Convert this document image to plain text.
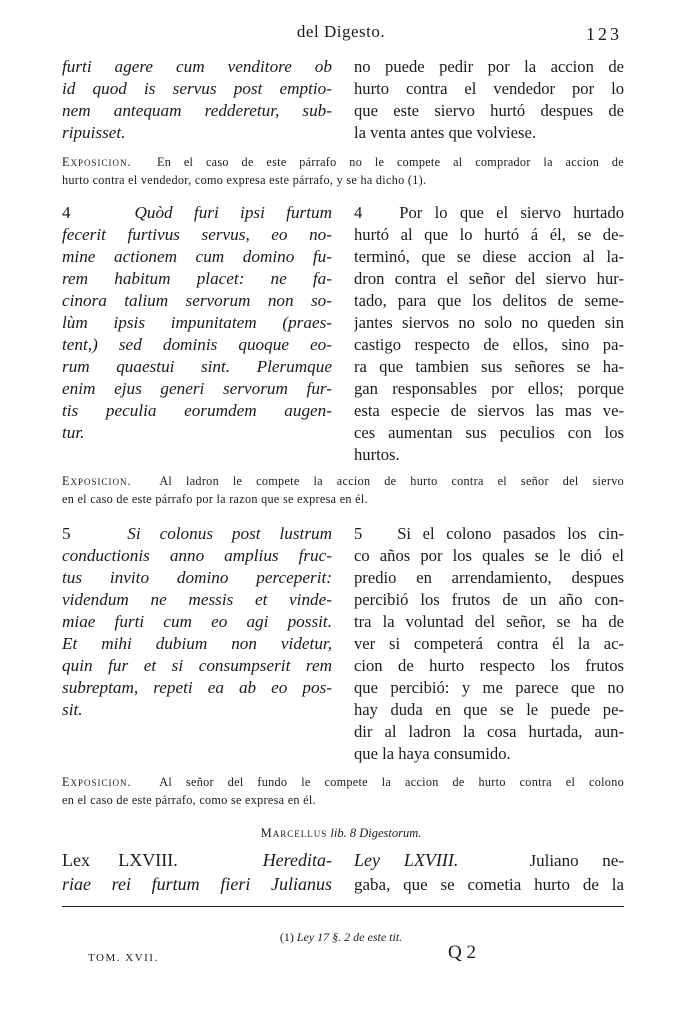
del Digesto.	123
furti agere cum venditore ob
id quod is servus post emptio-
nem antequam redderetur, sub-
ripuisset.
no puede pedir por la accion de
hurto contra el vendedor por lo
que este siervo hurtó despues de
la venta antes que volviese.
Exposicion. En el caso de este párrafo no le compete al comprador la accion de
hurto contra el vendedor, como expresa este párrafo, y se ha dicho (1).
4	Quòd furi ipsi furtum
fecerit furtivus servus, eo no-
mine actionem cum domino fu-
rem habitum placet: ne fa-
cinora talium servorum non so-
lùm ipsis impunitatem (praes-
tent,) sed dominis quoque eo-
rum quaestui sint. Plerumque
enim ejus generi servorum fur-
tis peculia eorumdem augen-
tur.
4 Por lo que el siervo hurtado
hurtó al que lo hurtó á él, se de-
terminó, que se diese accion al la-
dron contra el señor del siervo hur-
tado, para que los delitos de seme-
jantes siervos no solo no queden sin
castigo respecto de ellos, sino pa-
ra que tambien sus señores se ha-
gan responsables por ellos; porque
esta especie de siervos las mas ve-
ces aumentan sus peculios con los
hurtos.
Exposicion. Al ladron le compete la accion de hurto contra el señor del siervo
en el caso de este párrafo por la razon que se expresa en él.
5	Si colonus post lustrum
conductionis anno amplius fruc-
tus invito domino perceperit:
videndum ne messis et vinde-
miae furti cum eo agi possit.
Et mihi dubium non videtur,
quin fur et si consumpserit rem
subreptam, repeti ea ab eo pos-
sit.
5 Si el colono pasados los cin-
co años por los quales se le dió el
predio en arrendamiento, despues
percibió los frutos de un año con-
tra la voluntad del señor, se ha de
ver si competerá contra él la ac-
cion de hurto respecto los frutos
que percibió: y me parece que no
hay duda en que se le puede pe-
dir al ladron la cosa hurtada, aun-
que la haya consumido.
Exposicion. Al señor del fundo le compete la accion de hurto contra el colono
en el caso de este párrafo, como se expresa en él.
Marcellus lib. 8 Digestorum.
Lex LXVIII.	Heredita-
riae rei furtum fieri Julianus
Ley LXVIII.	Juliano ne-
gaba, que se cometia hurto de la
(1) Ley 17 §. 2 de este tit.
TOM. XVII.	Q 2
